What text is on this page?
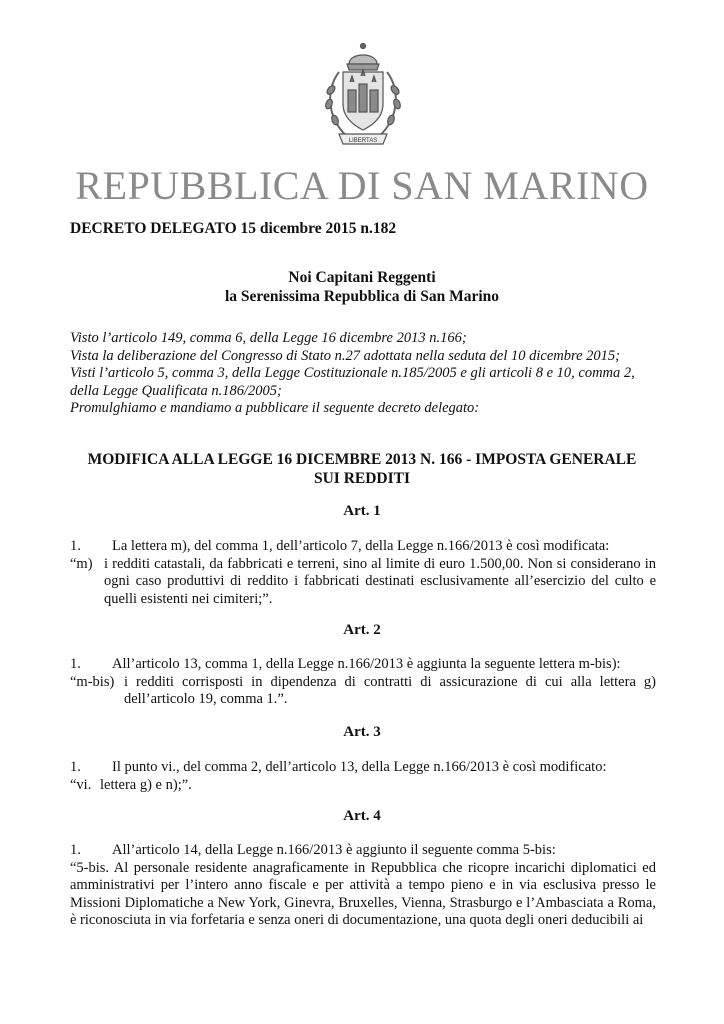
LIBERTAS
REPUBBLICA DI SAN MARINO
DECRETO DELEGATO 15 dicembre 2015 n.182
Noi Capitani Reggenti
la Serenissima Repubblica di San Marino
Visto l’articolo 149, comma 6, della Legge 16 dicembre 2013 n.166;
Vista la deliberazione del Congresso di Stato n.27 adottata nella seduta del 10 dicembre 2015;
Visti l’articolo 5, comma 3, della Legge Costituzionale n.185/2005 e gli articoli 8 e 10, comma 2,
della Legge Qualificata n.186/2005;
Promulghiamo e mandiamo a pubblicare il seguente decreto delegato:
MODIFICA ALLA LEGGE 16 DICEMBRE 2013 N. 166 - IMPOSTA GENERALE
SUI REDDITI
Art. 1
1. La lettera m), del comma 1, dell’articolo 7, della Legge n.166/2013 è così modificata:
“m) i redditi catastali, da fabbricati e terreni, sino al limite di euro 1.500,00. Non si considerano in ogni caso produttivi di reddito i fabbricati destinati esclusivamente all’esercizio del culto e quelli esistenti nei cimiteri;”.
Art. 2
1. All’articolo 13, comma 1, della Legge n.166/2013 è aggiunta la seguente lettera m-bis):
“m-bis) i redditi corrisposti in dipendenza di contratti di assicurazione di cui alla lettera g) dell’articolo 19, comma 1.”.
Art. 3
1. Il punto vi., del comma 2, dell’articolo 13, della Legge n.166/2013 è così modificato:
“vi. lettera g) e n);”.
Art. 4
1. All’articolo 14, della Legge n.166/2013 è aggiunto il seguente comma 5-bis:
“5-bis. Al personale residente anagraficamente in Repubblica che ricopre incarichi diplomatici ed amministrativi per l’intero anno fiscale e per attività a tempo pieno e in via esclusiva presso le Missioni Diplomatiche a New York, Ginevra, Bruxelles, Vienna, Strasburgo e l’Ambasciata a Roma, è riconosciuta in via forfetaria e senza oneri di documentazione, una quota degli oneri deducibili ai
